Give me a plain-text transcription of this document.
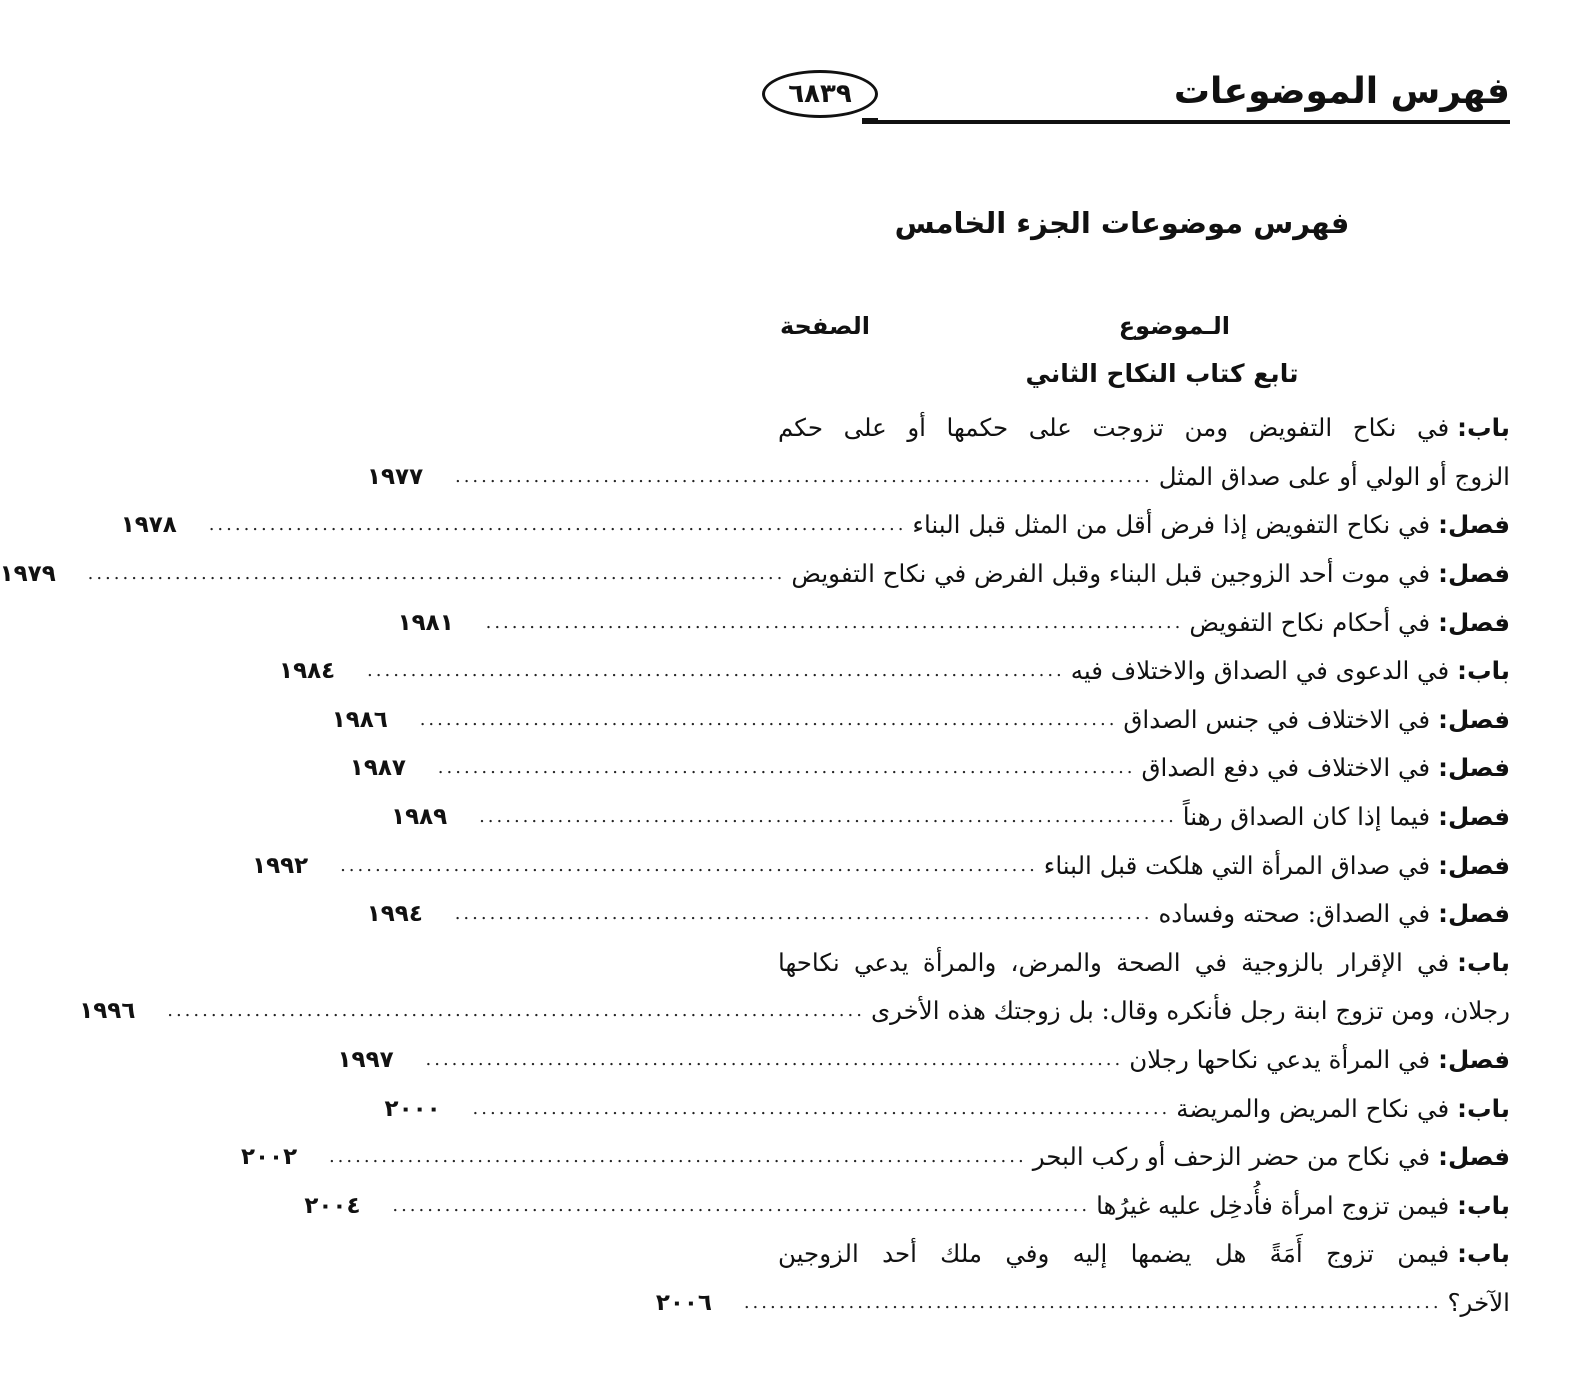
فهرس الموضوعات
٦٨٣٩
فهرس موضوعات الجزء الخامس
الـموضوع
الصفحة
تابع كتاب النكاح الثاني
باب:
في نكاح التفويض ومن تزوجت على حكمها أو على حكم
الزوج أو الولي أو على صداق المثل
................................................................................
١٩٧٧
فصل:
في نكاح التفويض إذا فرض أقل من المثل قبل البناء
................................................................................
١٩٧٨
فصل:
في موت أحد الزوجين قبل البناء وقبل الفرض في نكاح التفويض
................................................................................
١٩٧٩
فصل:
في أحكام نكاح التفويض
................................................................................
١٩٨١
باب:
في الدعوى في الصداق والاختلاف فيه
................................................................................
١٩٨٤
فصل:
في الاختلاف في جنس الصداق
................................................................................
١٩٨٦
فصل:
في الاختلاف في دفع الصداق
................................................................................
١٩٨٧
فصل:
فيما إذا كان الصداق رهناً
................................................................................
١٩٨٩
فصل:
في صداق المرأة التي هلكت قبل البناء
................................................................................
١٩٩٢
فصل:
في الصداق: صحته وفساده
................................................................................
١٩٩٤
باب:
في الإقرار بالزوجية في الصحة والمرض، والمرأة يدعي نكاحها
رجلان، ومن تزوج ابنة رجل فأنكره وقال: بل زوجتك هذه الأخرى
................................................................................
١٩٩٦
فصل:
في المرأة يدعي نكاحها رجلان
................................................................................
١٩٩٧
باب:
في نكاح المريض والمريضة
................................................................................
٢٠٠٠
فصل:
في نكاح من حضر الزحف أو ركب البحر
................................................................................
٢٠٠٢
باب:
فيمن تزوج امرأة فأُدخِل عليه غيرُها
................................................................................
٢٠٠٤
باب:
فيمن تزوج أَمَةً هل يضمها إليه وفي ملك أحد الزوجين
الآخر؟
................................................................................
٢٠٠٦
